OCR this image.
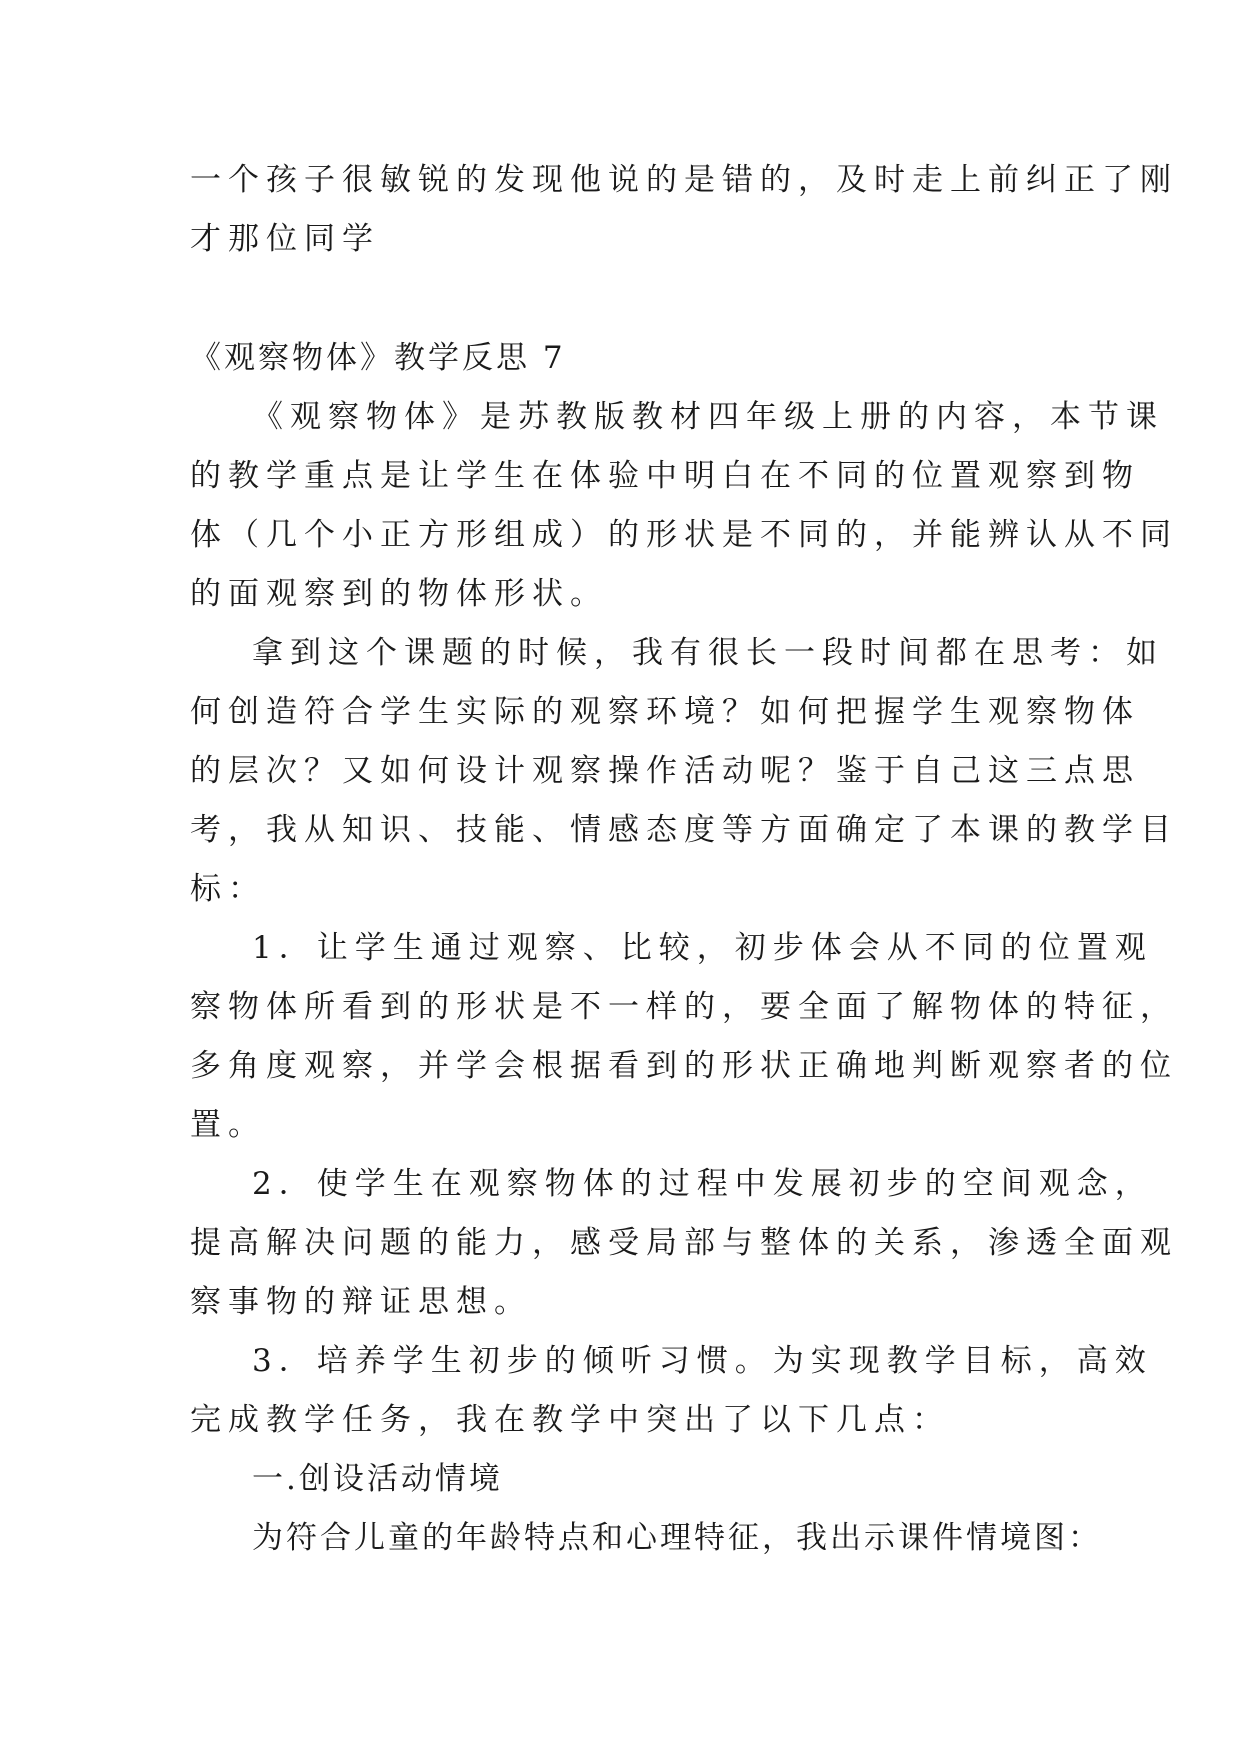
一个孩子很敏锐的发现他说的是错的，及时走上前纠正了刚
才那位同学
《观察物体》教学反思 7
《观察物体》是苏教版教材四年级上册的内容，本节课
的教学重点是让学生在体验中明白在不同的位置观察到物
体（几个小正方形组成）的形状是不同的，并能辨认从不同
的面观察到的物体形状。
拿到这个课题的时候，我有很长一段时间都在思考：如
何创造符合学生实际的观察环境？如何把握学生观察物体
的层次？又如何设计观察操作活动呢？鉴于自己这三点思
考，我从知识、技能、情感态度等方面确定了本课的教学目
标：
1．让学生通过观察、比较，初步体会从不同的位置观
察物体所看到的形状是不一样的，要全面了解物体的特征，
多角度观察，并学会根据看到的形状正确地判断观察者的位
置。
2．使学生在观察物体的过程中发展初步的空间观念，
提高解决问题的能力，感受局部与整体的关系，渗透全面观
察事物的辩证思想。
3．培养学生初步的倾听习惯。为实现教学目标，高效
完成教学任务，我在教学中突出了以下几点：
一.创设活动情境
为符合儿童的年龄特点和心理特征，我出示课件情境图：
